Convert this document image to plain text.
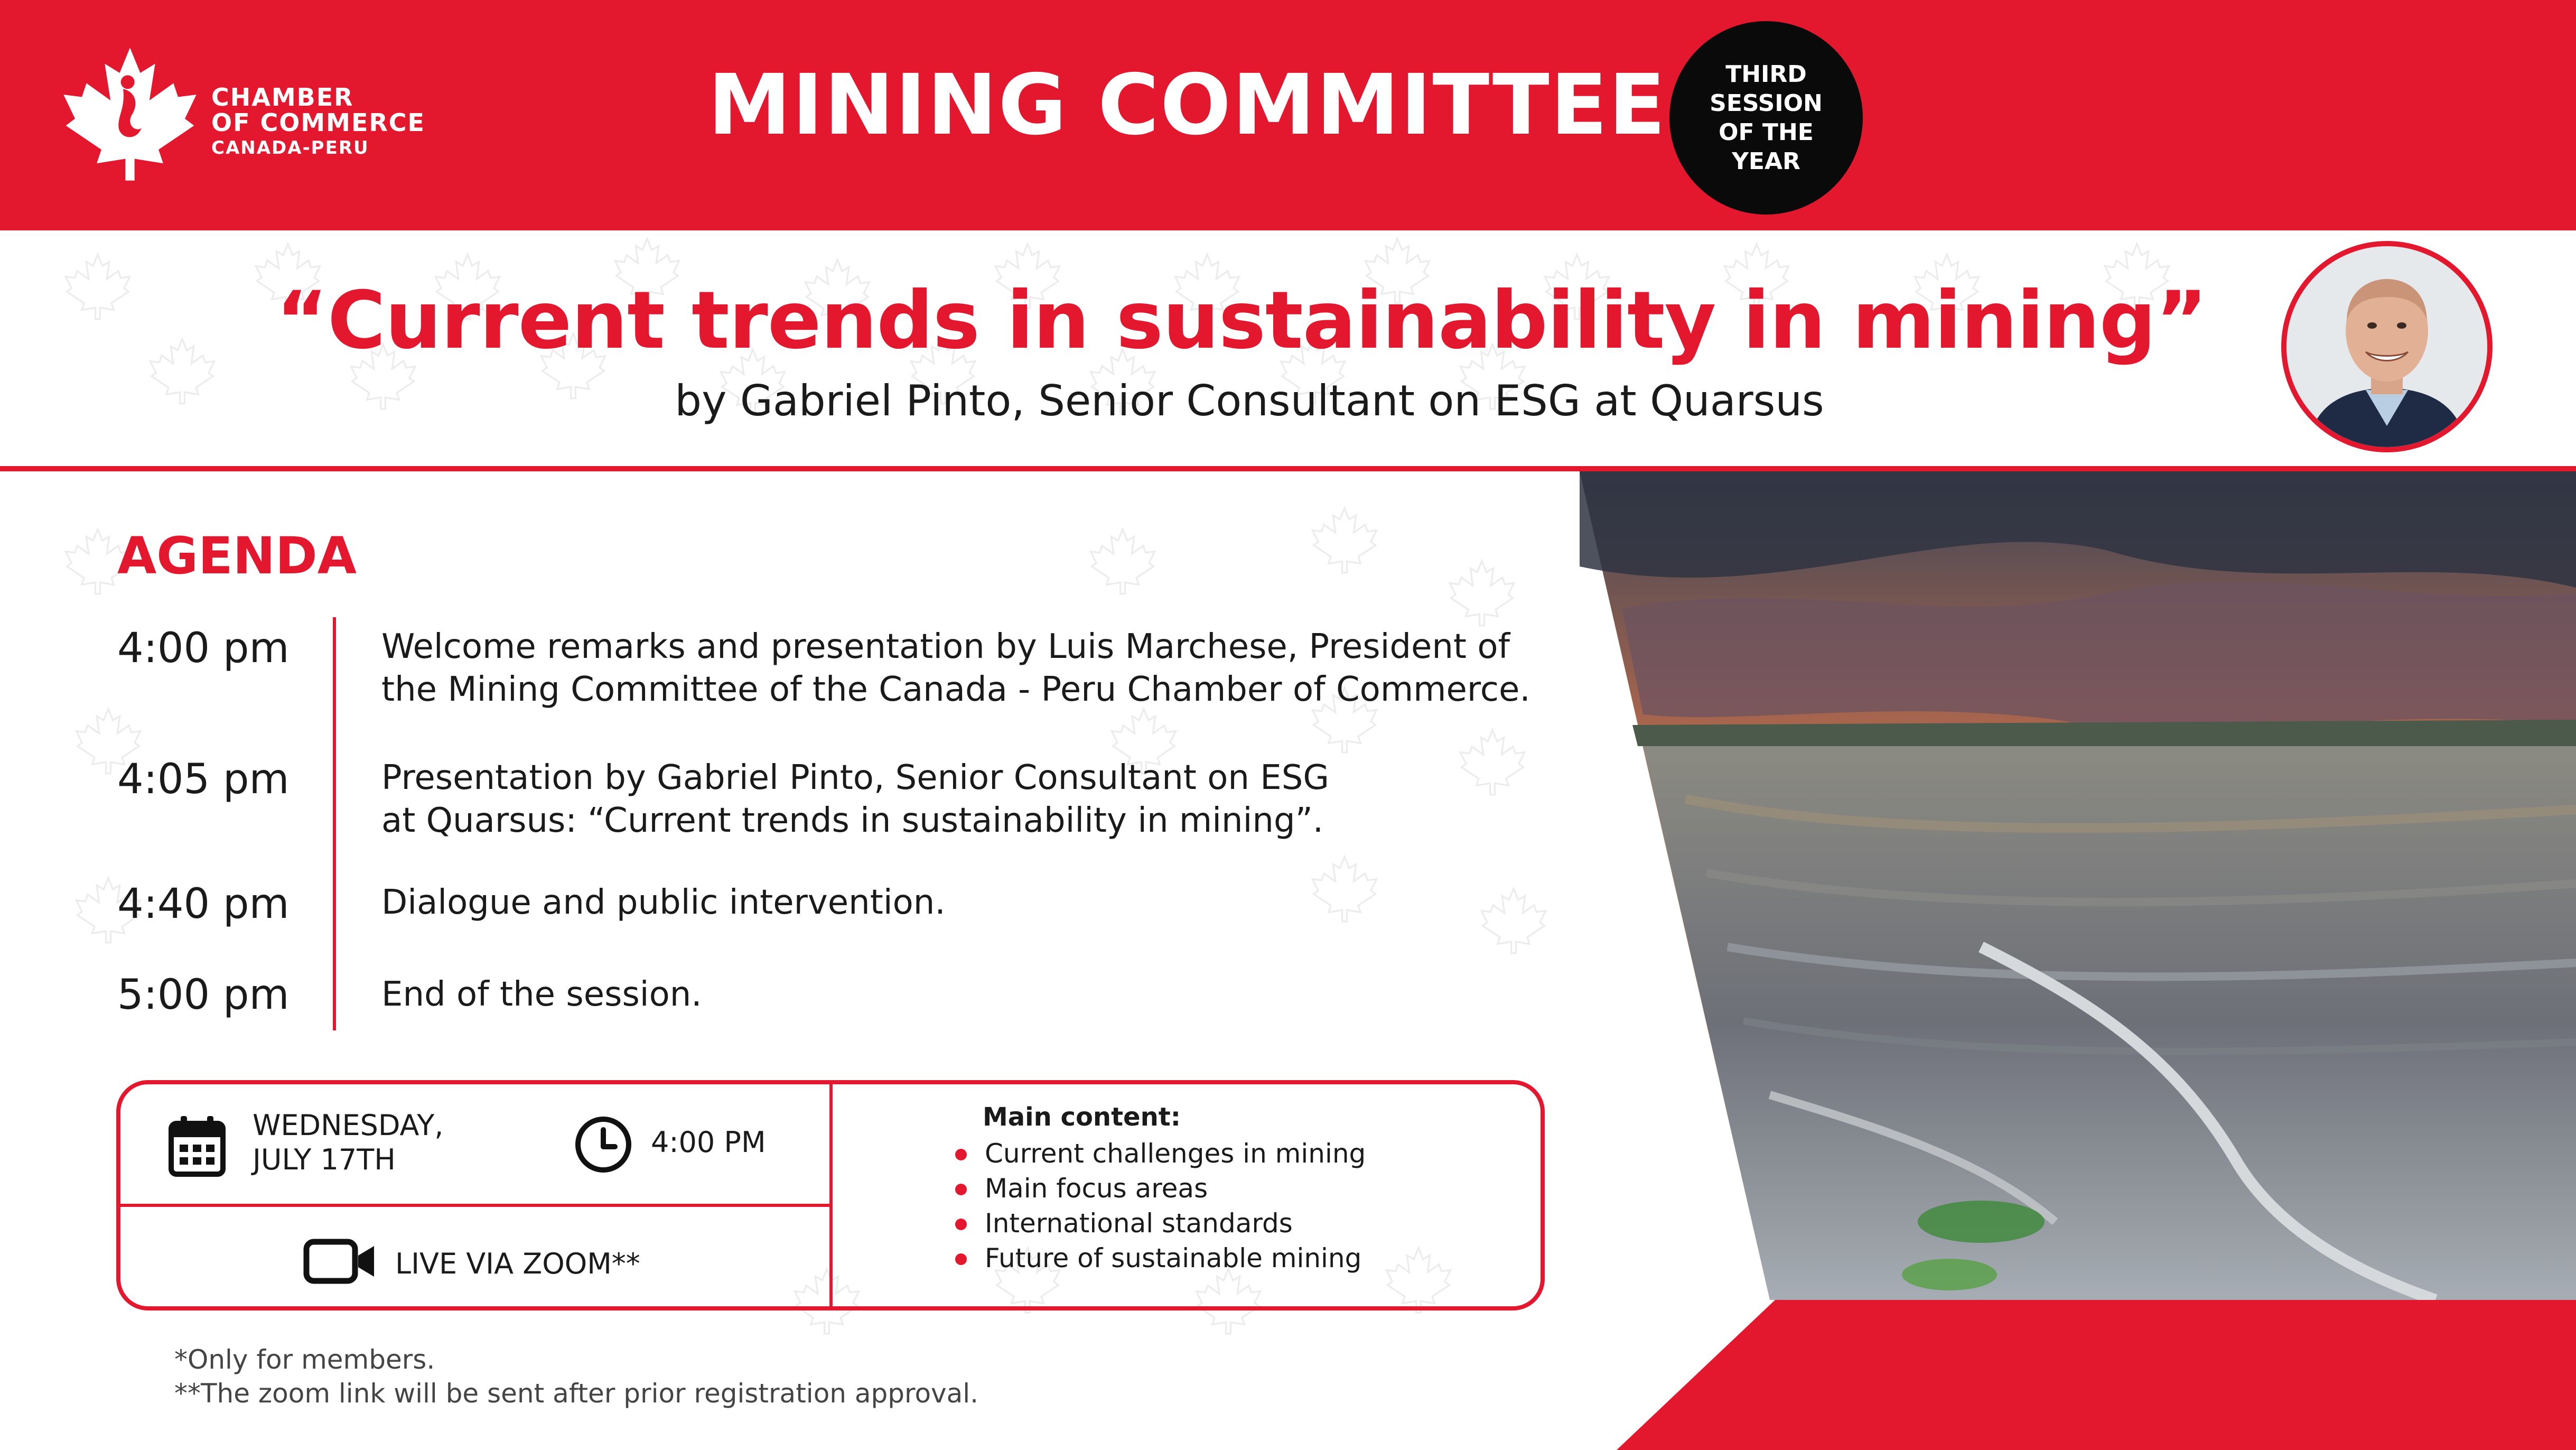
CHAMBER
OF COMMERCE
CANADA-PERU	MINING COMMITTEE	THIRD
SESSION
OF THE
YEAR
“Current trends in sustainability in mining”
by Gabriel Pinto, Senior Consultant on ESG at Quarsus
AGENDA
4:00 pm	Welcome remarks and presentation by Luis Marchese, President of
the Mining Committee of the Canada - Peru Chamber of Commerce.
4:05 pm	Presentation by Gabriel Pinto, Senior Consultant on ESG
at Quarsus: “Current trends in sustainability in mining”.
4:40 pm	Dialogue and public intervention.
5:00 pm	End of the session.
WEDNESDAY,
JULY 17TH
4:00 PM
LIVE VIA ZOOM**
Main content:
Current challenges in mining
Main focus areas
International standards
Future of sustainable mining
*Only for members.
**The zoom link will be sent after prior registration approval.
